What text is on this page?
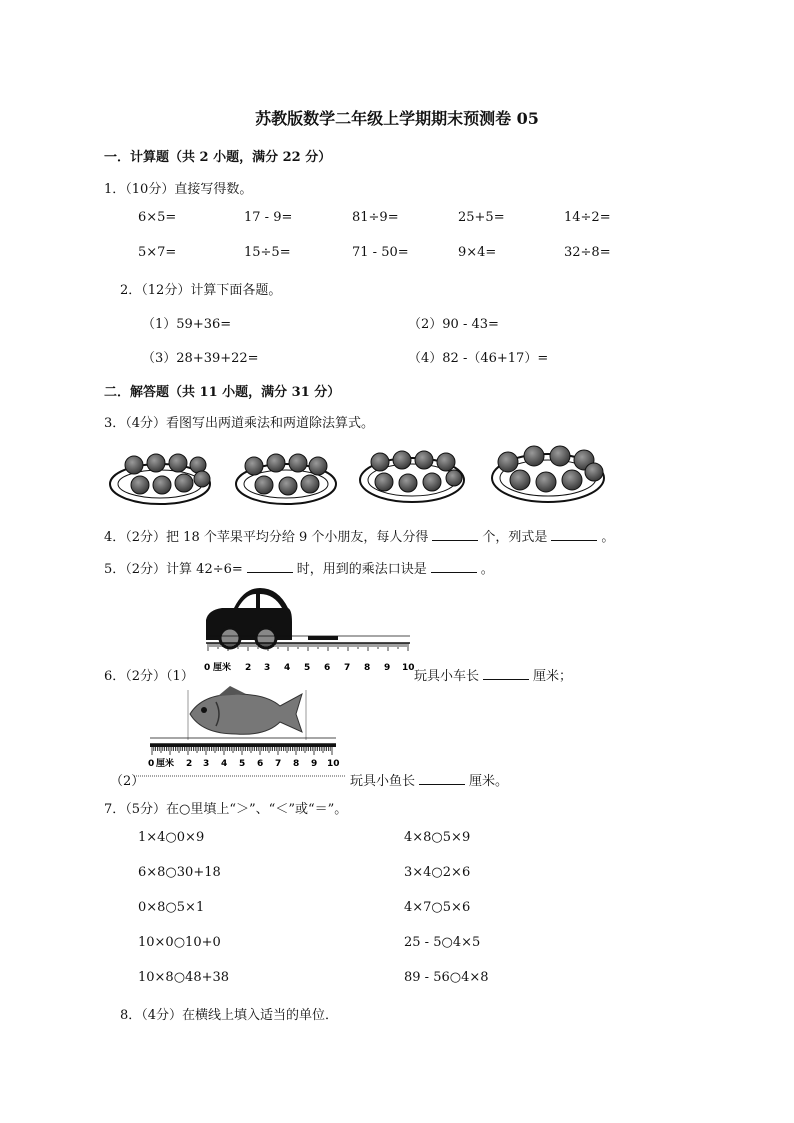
苏教版数学二年级上学期期末预测卷 05
一．计算题（共 2 小题，满分 22 分）
1．（10分）直接写得数。
6×5=	17 - 9=	81÷9=	25+5=	14÷2=
5×7=	15÷5=	71 - 50=	9×4=	32÷8=
2．（12分）计算下面各题。
（1）59+36=	（2）90 - 43=
（3）28+39+22=	（4）82 -（46+17）=
二．解答题（共 11 小题，满分 31 分）
3．（4分）看图写出两道乘法和两道除法算式。
4．（2分）把 18 个苹果平均分给 9 个小朋友，每人分得	个，列式是	。
5．（2分）计算 42÷6=	时，用到的乘法口诀是	。
0 厘米 2 3 4 5 6 7 8 9 10
6．（2分）（1）	玩具小车长	厘米；
0 厘米 2 3 4 5 6 7 8 9 10
（2）	玩具小鱼长	厘米。
7．（5分）在○里填上“＞”、“＜”或“＝”。
1×4○0×9	4×8○5×9
6×8○30+18	3×4○2×6
0×8○5×1	4×7○5×6
10×0○10+0	25 - 5○4×5
10×8○48+38	89 - 56○4×8
8．（4分）在横线上填入适当的单位．
